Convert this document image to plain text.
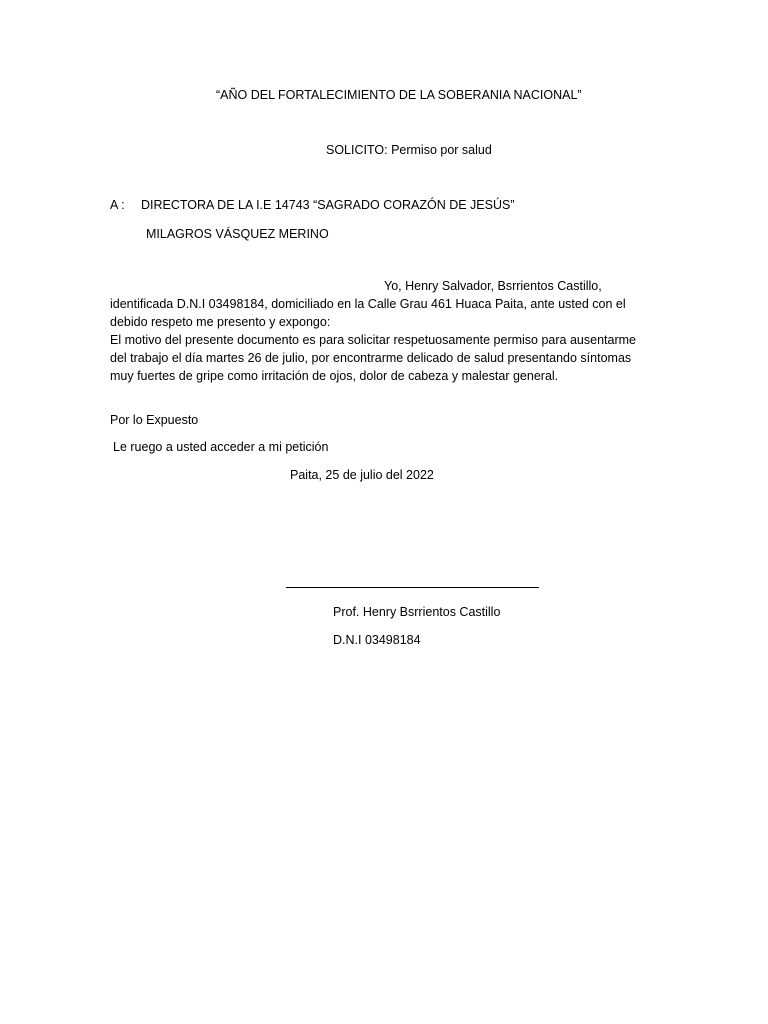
“AÑO DEL FORTALECIMIENTO DE LA SOBERANIA NACIONAL”
SOLICITO: Permiso por salud
A : DIRECTORA DE LA I.E 14743 “SAGRADO CORAZÓN DE JESÚS”
MILAGROS VÁSQUEZ MERINO
Yo, Henry Salvador, Bsrrientos Castillo,

identificada D.N.I 03498184, domiciliado en la Calle Grau 461 Huaca Paita, ante usted con el debido respeto me presento y expongo:

El motivo del presente documento es para solicitar respetuosamente permiso para ausentarme del trabajo el día martes 26 de julio, por encontrarme delicado de salud presentando síntomas muy fuertes de gripe como irritación de ojos, dolor de cabeza y malestar general.

Por lo Expuesto
Le ruego a usted acceder a mi petición
Paita, 25 de julio del 2022
Prof. Henry Bsrrientos Castillo
D.N.I 03498184
